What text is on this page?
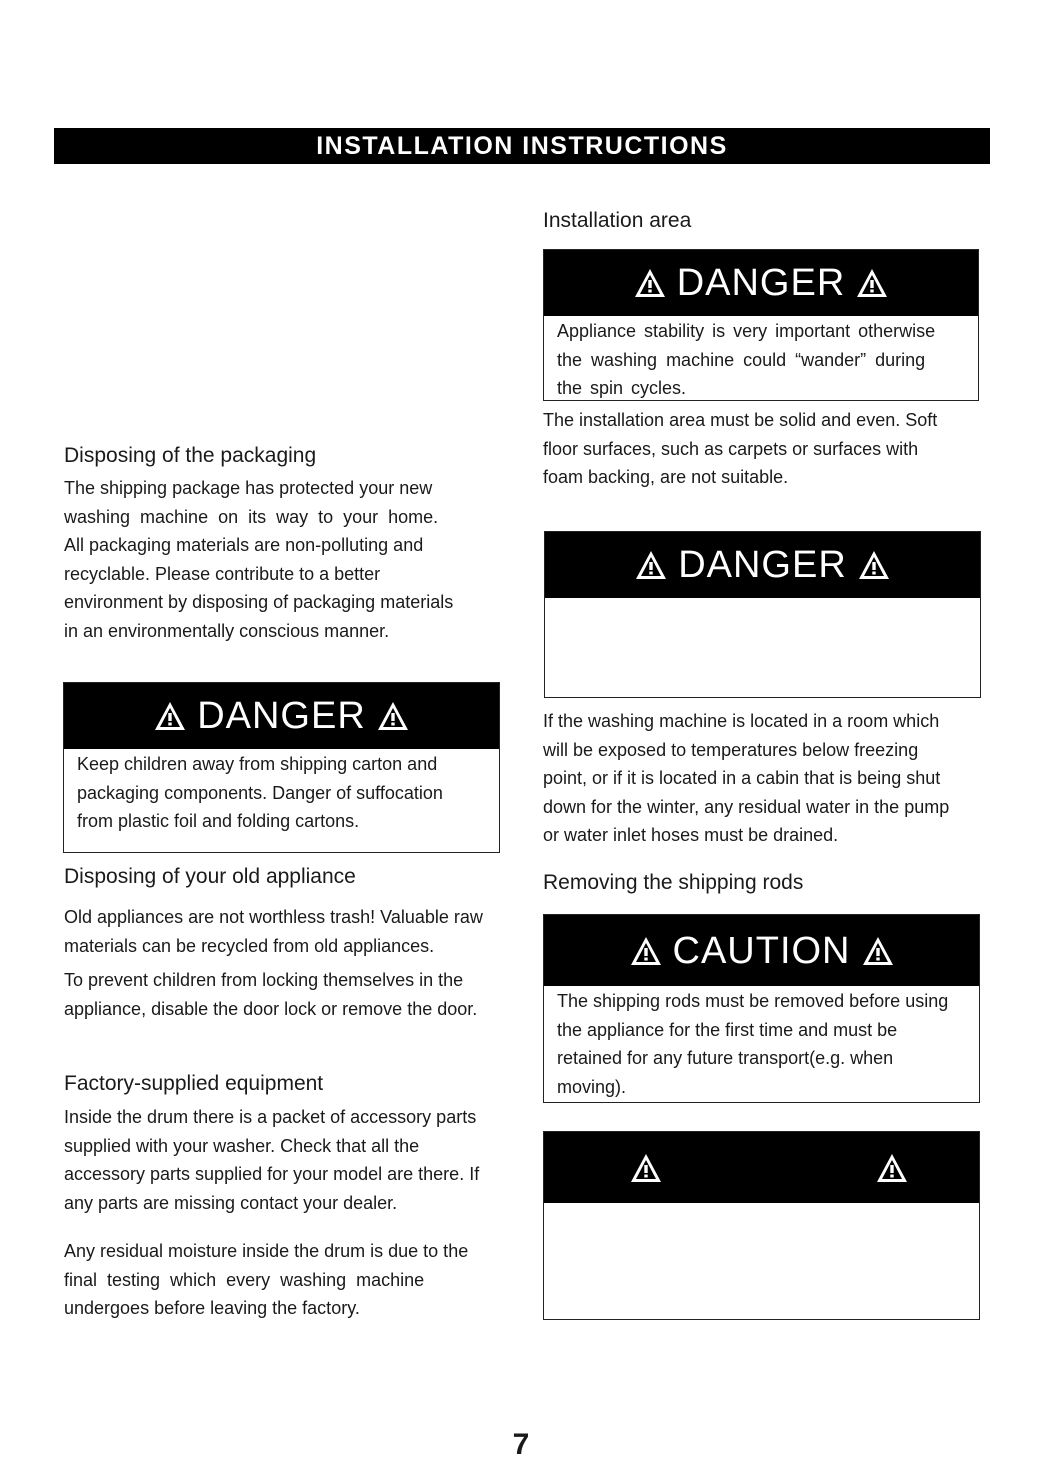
INSTALLATION INSTRUCTIONS
Disposing of the packaging
The shipping package has protected your new
washing machine on its way to your home.
All packaging materials are non-polluting and
recyclable. Please contribute to a better
environment by disposing of packaging materials
in an environmentally conscious manner.
DANGER
Keep children away from shipping carton and
packaging components. Danger of suffocation
from plastic foil and folding cartons.
Disposing of your old appliance
Old appliances are not worthless trash! Valuable raw
materials can be recycled from old appliances.
To prevent children from locking themselves in the
appliance, disable the door lock or remove the door.
Factory-supplied equipment
Inside the drum there is a packet of accessory parts
supplied with your washer. Check that all the
accessory parts supplied for your model are there. If
any parts are missing contact your dealer.
Any residual moisture inside the drum is due to the
final testing which every washing machine
undergoes before leaving the factory.
Installation area
DANGER
Appliance stability is very important otherwise
the washing machine could “wander” during
the spin cycles.
The installation area must be solid and even. Soft
floor surfaces, such as carpets or surfaces with
foam backing, are not suitable.
DANGER
If the washing machine is located in a room which
will be exposed to temperatures below freezing
point, or if it is located in a cabin that is being shut
down for the winter, any residual water in the pump
or water inlet hoses must be drained.
Removing the shipping rods
CAUTION
The shipping rods must be removed before using
the appliance for the first time and must be
retained for any future transport(e.g. when
moving).
7
